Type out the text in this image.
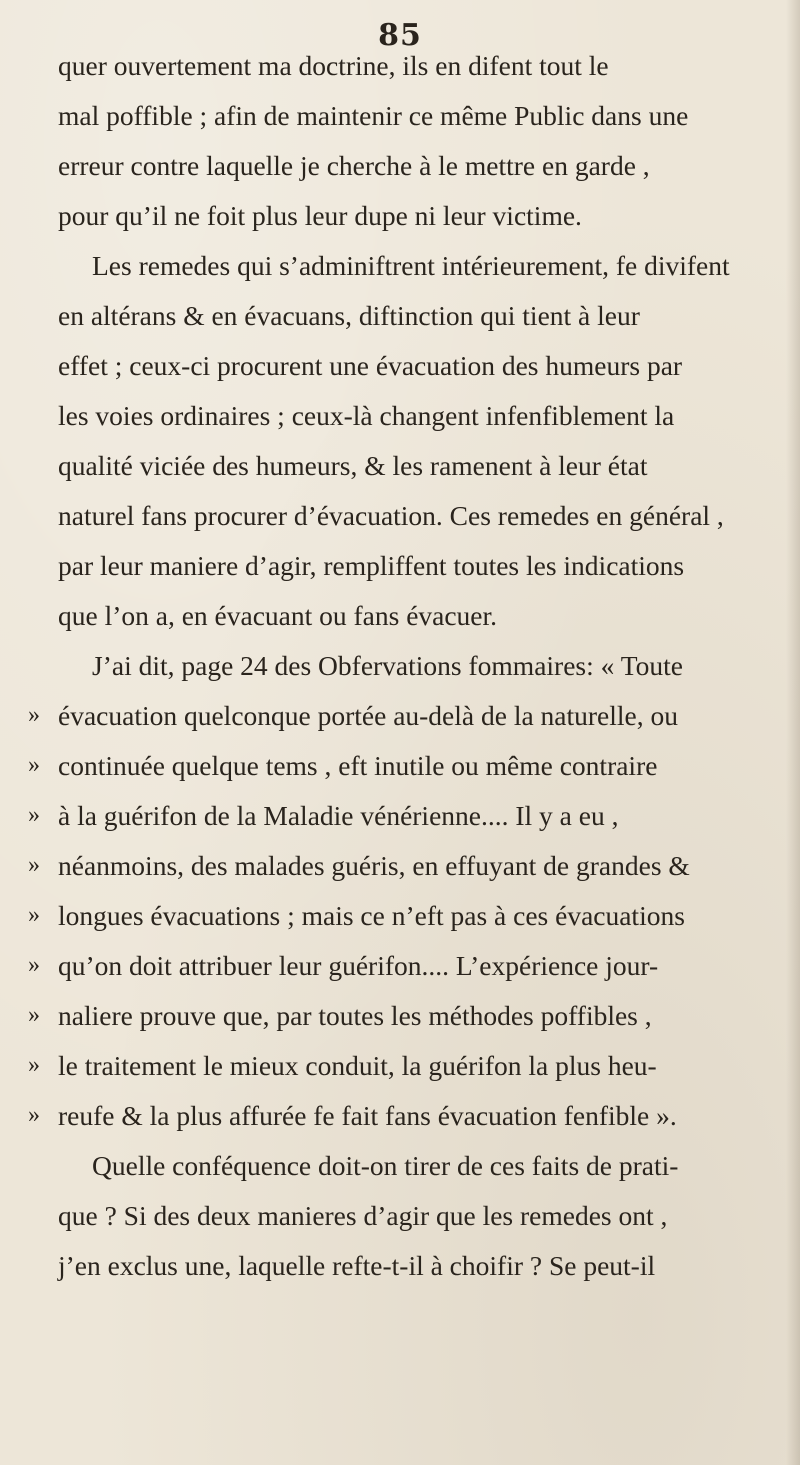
85
quer ouvertement ma doctrine, ils en difent tout le
mal poffible ; afin de maintenir ce même Public dans une
erreur contre laquelle je cherche à le mettre en garde ,
pour qu’il ne foit plus leur dupe ni leur victime.
Les remedes qui s’adminiftrent intérieurement, fe divifent
en altérans & en évacuans, diftinction qui tient à leur
effet ; ceux-ci procurent une évacuation des humeurs par
les voies ordinaires ; ceux-là changent infenfiblement la
qualité viciée des humeurs, & les ramenent à leur état
naturel fans procurer d’évacuation. Ces remedes en général ,
par leur maniere d’agir, rempliffent toutes les indications
que l’on a, en évacuant ou fans évacuer.
J’ai dit, page 24 des Obfervations fommaires: « Toute
» évacuation quelconque portée au-delà de la naturelle, ou
» continuée quelque tems , eft inutile ou même contraire
» à la guérifon de la Maladie vénérienne.... Il y a eu ,
» néanmoins, des malades guéris, en effuyant de grandes &
» longues évacuations ; mais ce n’eft pas à ces évacuations
» qu’on doit attribuer leur guérifon.... L’expérience jour-
» naliere prouve que, par toutes les méthodes poffibles ,
» le traitement le mieux conduit, la guérifon la plus heu-
» reufe & la plus affurée fe fait fans évacuation fenfible ».
Quelle conféquence doit-on tirer de ces faits de prati-
que ? Si des deux manieres d’agir que les remedes ont ,
j’en exclus une, laquelle refte-t-il à choifir ? Se peut-il
